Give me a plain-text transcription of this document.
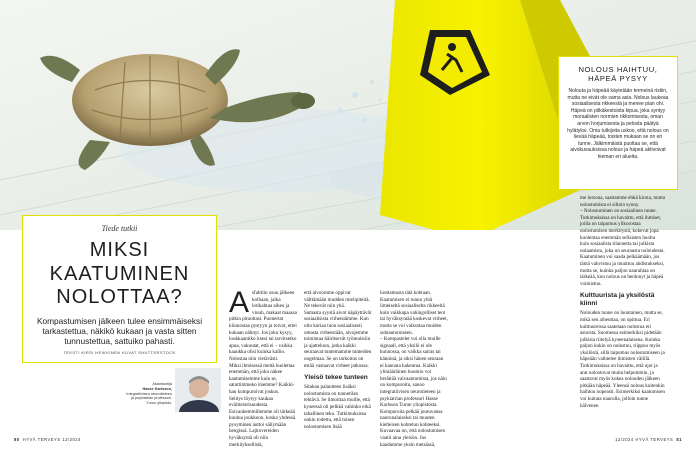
NOLOUS HAIHTUU, HÄPEÄ PYSYY
Nolouta ja häpeää käytetään termeinä ristiin, mutta ne eivät ole sama asia. Nolous laukeaa sosiaalisesta rikkeestä ja menee pian ohi. Häpeä on pitkäkestoista kipua, joka syntyy moraalisten normien rikkomisesta, oman arvon horjumisesta ja pelosta päätyä hylätyksi. Oma tutkijoita uskoo, että nolous on lievää häpeää, toisten mukaan se on eri tunne. Jälkimmäistä puoltaa se, että aivokuvauksissa nolous ja häpeä aktivoivat hieman eri alueita.
Tiede tutkii
MIKSI KAATUMINEN NOLOTTAA?
Kompastumisen jälkeen tulee ensimmäiseksi tarkastettua, näkikö kukaan ja vasta sitten tunnustettua, sattuiko pahasti.
TEKSTI KIRSI HEIKKINEN KUVAT SHUTTERSTOCK
Asiantuntija
Hasse Karlsson,
Integratiivisen neurotieteen ja psykiatrian professori, Turun yliopisto.
A sfalttiin osuu jälkeen kolhaan, jalka lotikahtaa aiheu ja viuuh, makaat maassa pitkin pituuttasi. Puonertat kiinnostaa pystyyn ja toivot, ettei kukaan nähnyt. Jos joku kysyy, loukkaantiko itsesi tai tarvitsetko apua, vakuutat, että ei – vaikka kaaukka olisi kuinka kallio. Nolostaa niin vietävästi.

Miksi ihmisessä meitä huolettaa enemmän, että joku näkee kaatumisemme kuin se, satuttimmeko itsemme? Kaikki-han kompuroivat joskus.

Selitys löytyy kaukaa eväitterarisuudesta. Esivanhemmillemme oli tärkeää kuulua joukkoon, koska yhdessä pysyminen auttoi säilymään hengissä. Lajitovereiden hyväksyntä oli niin merkityksellistä,

että aivoomme oppivat välttämään mudden mielipiteitä. Ne tekevät niin yhä.

Samasta syystä aivot näpäyttävät sosiaalisista virheistämme. Kun olin kuriaa tuon sosiaalisesti omasta virheestään, aivojemme toimintaa häiritsevät työmuistiin ja ajatteluun, jotka kaikki seuraavat tuntemamme tunteiden ongelmaa. Se on tarkoitus on estää vastaavat virheet jatkossa.

Yleisö tekee tunteen

Sitahan palautteen lisäksi nolostumista on tunnetilan tehtävä. Se ilmoittaa muille, että kyseessä oli pelkkä vahinko eikä tahallinen teko. Tutkimuksissa onkin todettu, että toisen nolostumisen lisää

luottamusta tätä kohtaan.

Kaatumisen ei tunnu yhtä ilmeiseltä sosiaaliselta rikkeeltä kuin vaikkapa vahingolliset teot tai hyväksyntää koskevat virheet, mutta se voi vaikuttaa muiden suhtautumiseen.

– Kompastelet voi olla muille signaali, että yksilö ei ole kunnossa, on vaikka sairas tai känninä, ja siksi hänen seuraan ei kannata hakeutua. Kaikki ylimääräinen huomio voi herättää vaivaantumista, jos näin on kompuroitu, sanoo integratiivisen neurotieteen ja psykiatrian professori Hasse Karlsson Turun yliopistosta.

Kompuroita pelkää joutuvansa naurunalaiseksi tai muuten kielteisen kohtelun kohteeksi.

Kuvaavaa on, että nolostumisen vaatii aina yleisön. Jos kaadumme yksin metsässä,

me lorsona, saattamme ehkä kirota, mutta nolostumista ei silloin synny.

– Nolostuminen on sosiaalinen tunne.

Tutkimuksissa on havaittu, että ihmiset, joilla on taipumus ylikorostaa nolostumisen merkitystä, kokevat jopa kuolemaa enemmän sellaisten huolta kuin sosiaalista tilannetta tai julkista nolaamista, joka on seurausta noloudesta. Kaatuminen voi saada pelkäämään, jos tämä vahvistuu ja muuttuu ahdistukseksi, mutta se, kuinka paljon naurahtaa on tärkeää, kun nolous on herännyt ja häpeä voimistuu.

Kulttuurista ja yksilöstä kiinni

Nolouden tunne on luontainen, mutta se, mikä sen aiheuttaa, on opittua. Eri kulttuureissa saatetaan nolostua eri asioista. Suomessa esimerkiksi pidetään julkista riitelyä kyseenalaisena. Kuinka paljon kukin on nolostuu, riippuu myös yksilöstä, sillä taipumus nolostumiseen ja häpeään vaihtelee ihmisten välillä. Tutkimuksissa on havaittu, että ujot ja arat nolostuvat muita helpommin, ja saattavat myös kokea nolouden jälkeen pitkään häpeää. Yleensä nolous kuitenkin haihtuu nopeasti. Esimerkiksi kaatumisen voi kuitata naurulla, jolloin tunne hälvenee.

80 HYVÄ TERVEYS 12/2024	12/2024 HYVÄ TERVEYS 81
